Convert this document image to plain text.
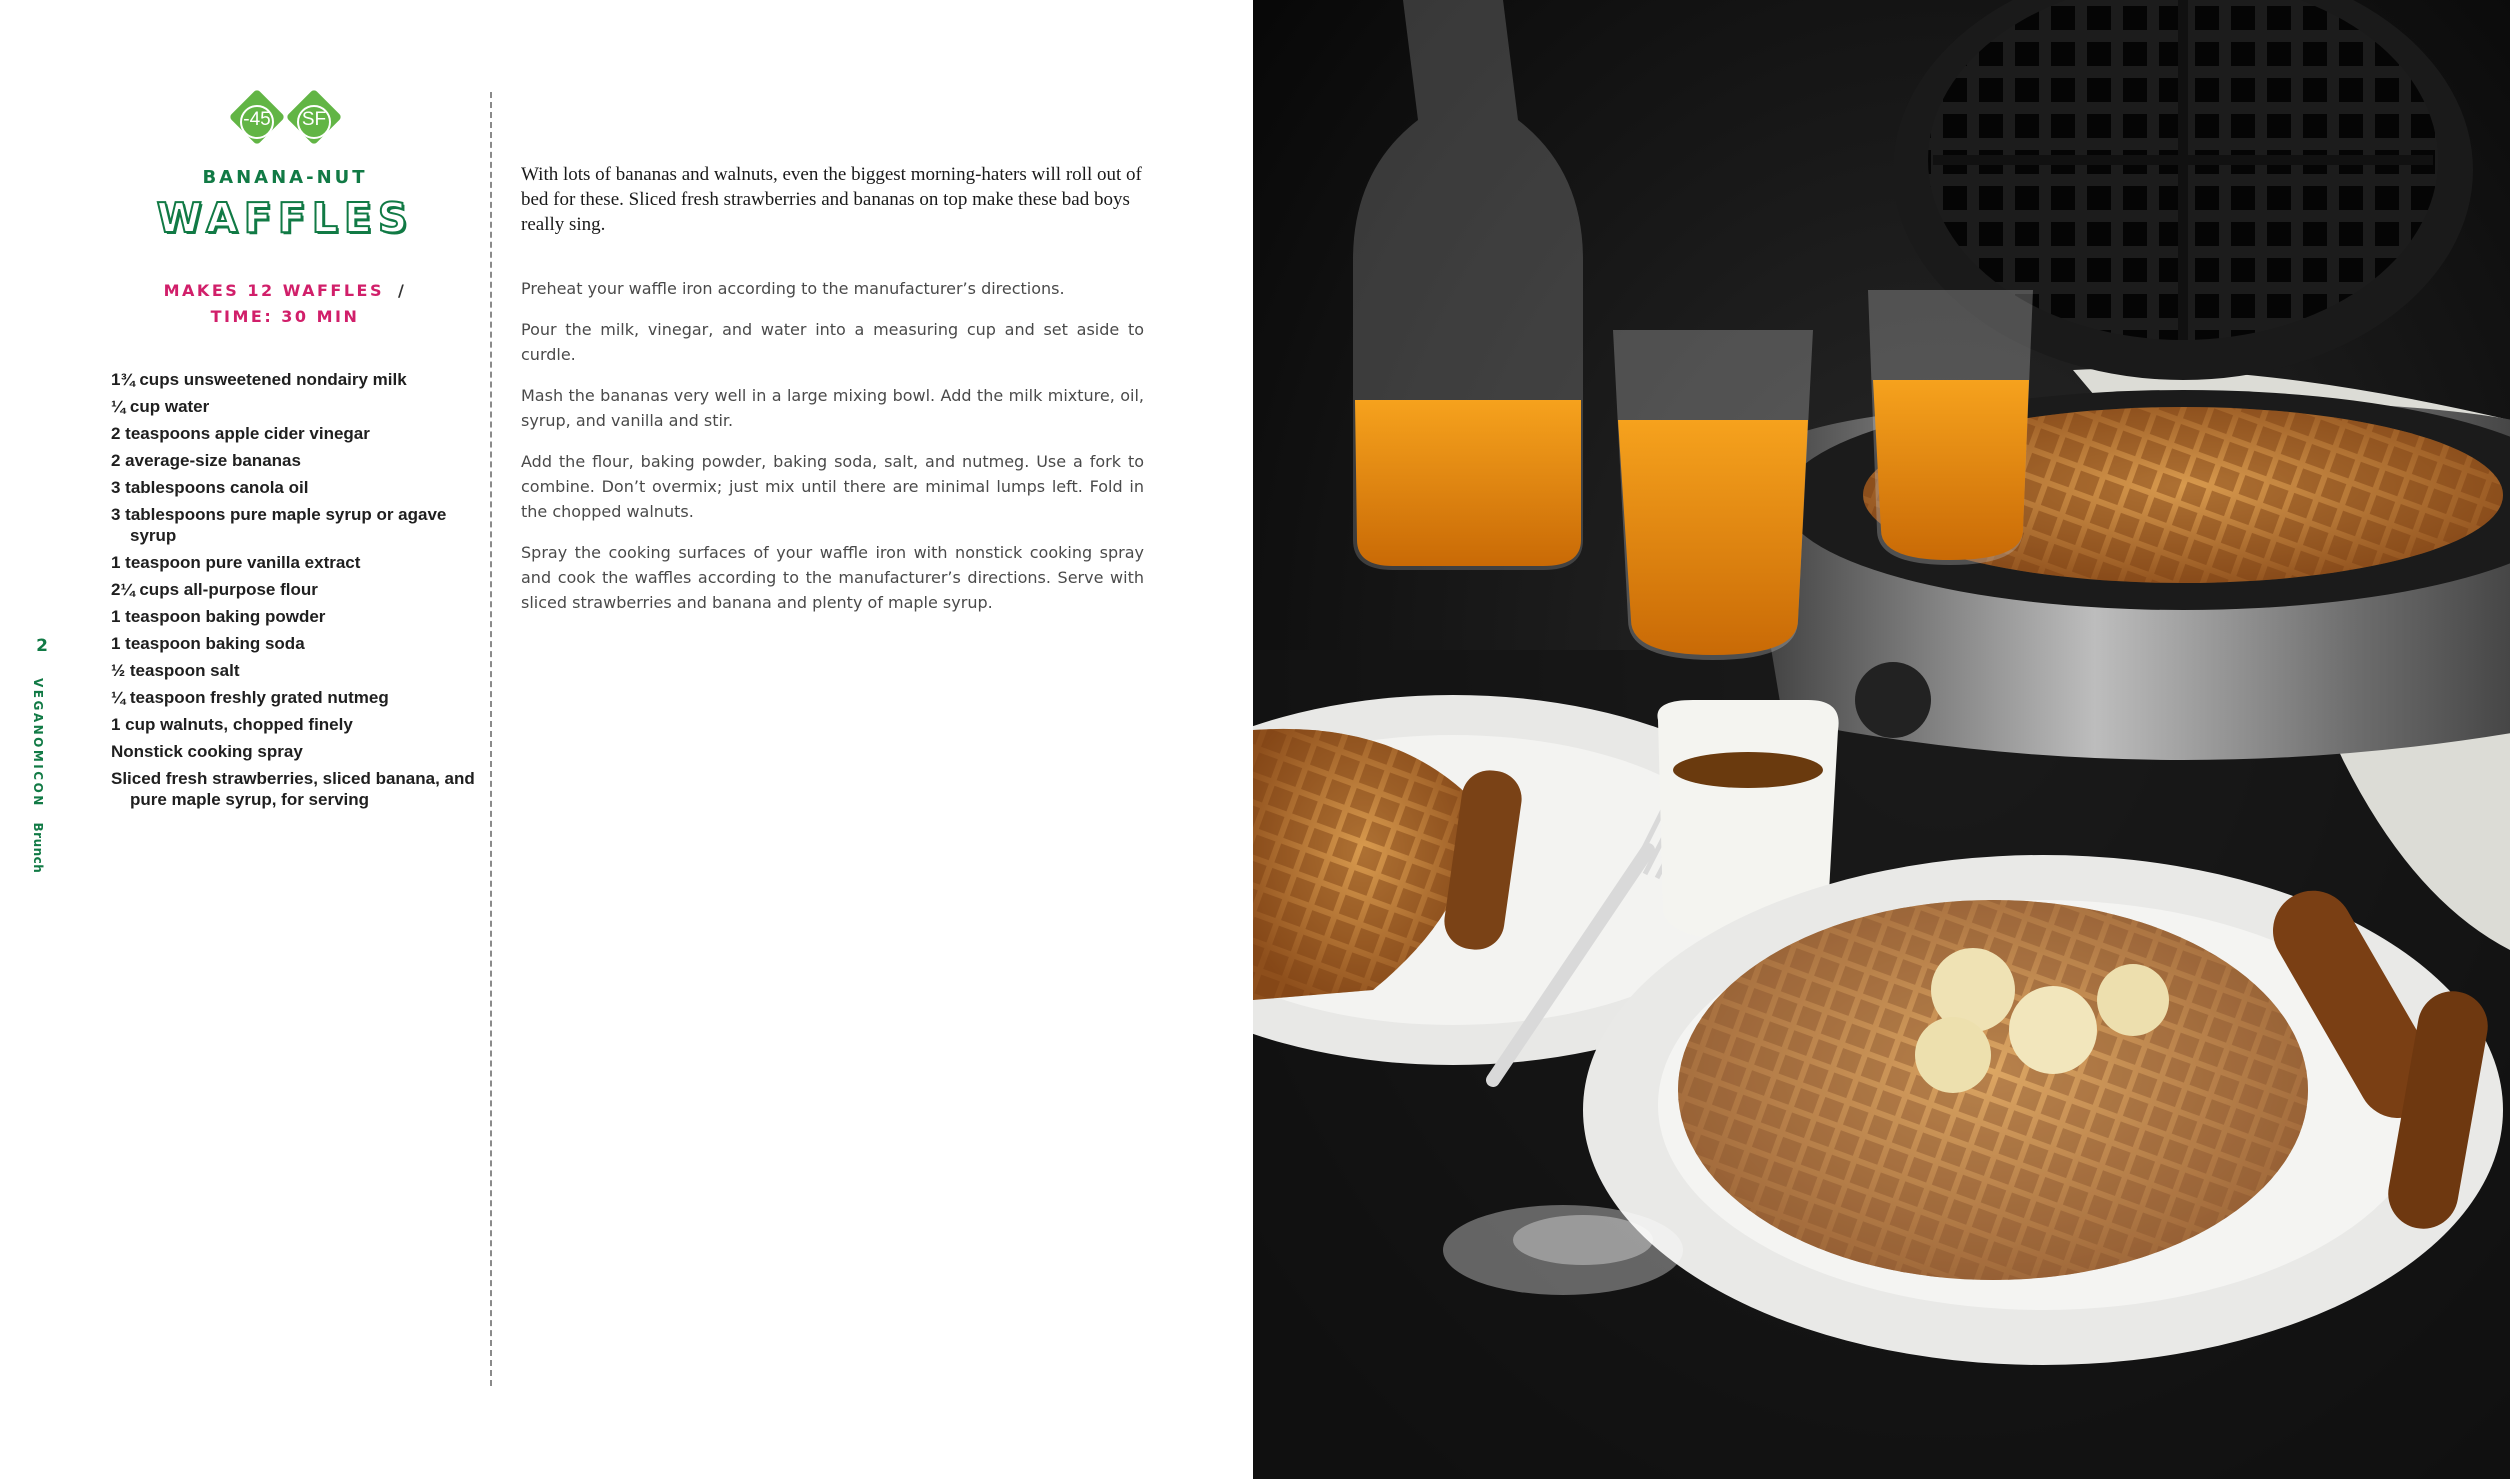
-45	SF
BANANA-NUT
WAFFLES
MAKES 12 WAFFLES /
TIME: 30 MIN
1¾ cups unsweetened nondairy milk
¼ cup water
2 teaspoons apple cider vinegar
2 average-size bananas
3 tablespoons canola oil
3 tablespoons pure maple syrup or agave syrup
1 teaspoon pure vanilla extract
2¼ cups all-purpose flour
1 teaspoon baking powder
1 teaspoon baking soda
½ teaspoon salt
¼ teaspoon freshly grated nutmeg
1 cup walnuts, chopped finely
Nonstick cooking spray
Sliced fresh strawberries, sliced banana, and pure maple syrup, for serving
2
VEGANOMICON Brunch

With lots of bananas and walnuts, even the biggest morning-haters will roll out of bed for these. Sliced fresh strawberries and bananas on top make these bad boys really sing.

Preheat your waffle iron according to the manufacturer’s directions.

Pour the milk, vinegar, and water into a measuring cup and set aside to curdle.

Mash the bananas very well in a large mixing bowl. Add the milk mixture, oil, syrup, and vanilla and stir.

Add the flour, baking powder, baking soda, salt, and nutmeg. Use a fork to combine. Don’t overmix; just mix until there are minimal lumps left. Fold in the chopped walnuts.

Spray the cooking surfaces of your waffle iron with nonstick cooking spray and cook the waffles according to the manufacturer’s directions. Serve with sliced strawberries and banana and plenty of maple syrup.
